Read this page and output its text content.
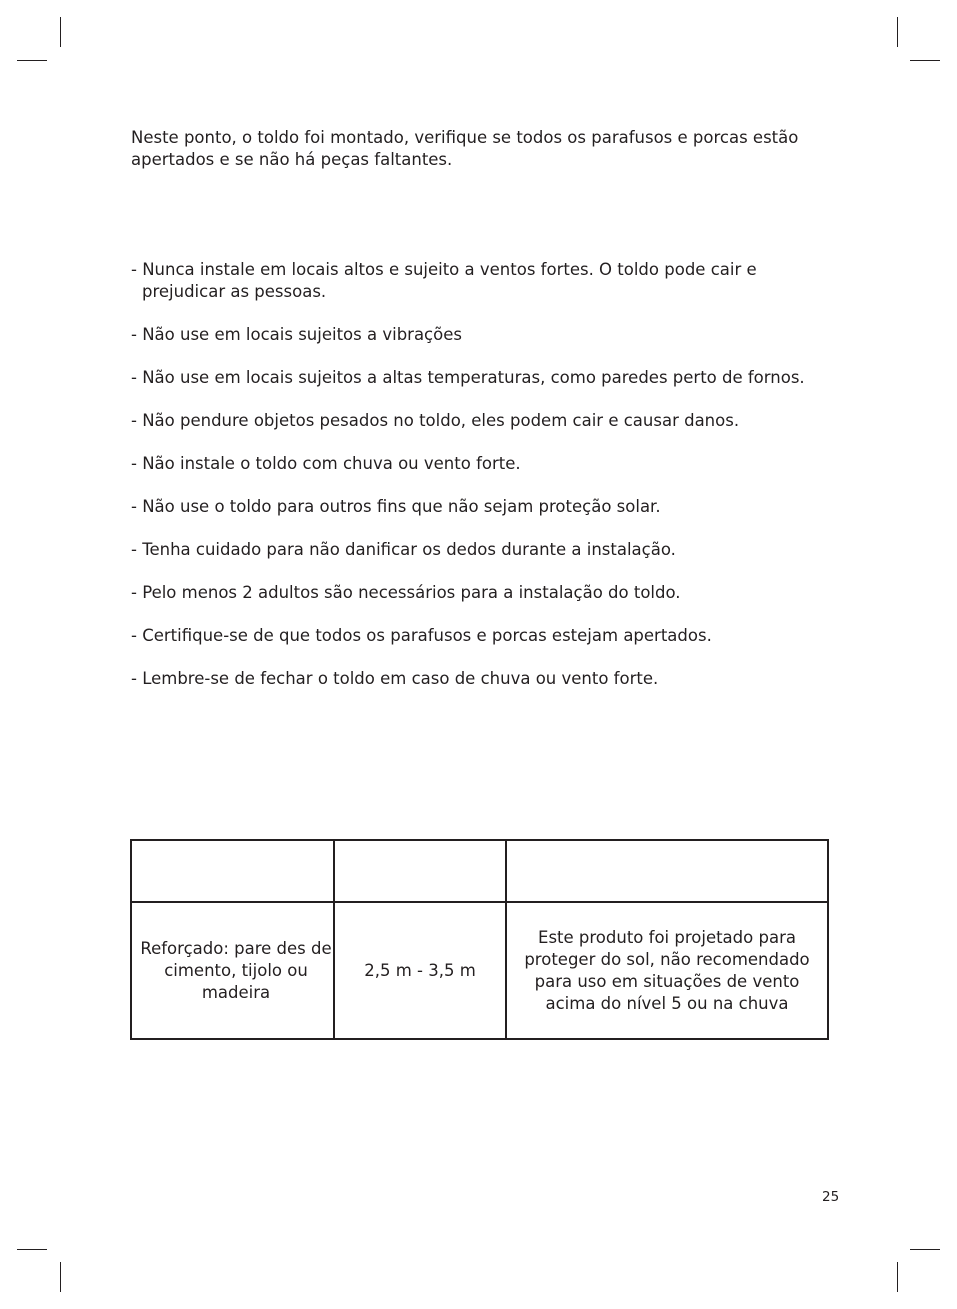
Neste ponto, o toldo foi montado, verifique se todos os parafusos e porcas estão apertados e se não há peças faltantes.

- Nunca instale em locais altos e sujeito a ventos fortes. O toldo pode cair e prejudicar as pessoas.
- Não use em locais sujeitos a vibrações
- Não use em locais sujeitos a altas temperaturas, como paredes perto de fornos.
- Não pendure objetos pesados no toldo, eles podem cair e causar danos.
- Não instale o toldo com chuva ou vento forte.
- Não use o toldo para outros fins que não sejam proteção solar.
- Tenha cuidado para não danificar os dedos durante a instalação.
- Pelo menos 2 adultos são necessários para a instalação do toldo.
- Certifique-se de que todos os parafusos e porcas estejam apertados.
- Lembre-se de fechar o toldo em caso de chuva ou vento forte.

Reforçado: pare des de cimento, tijolo ou madeira	2,5 m - 3,5 m	Este produto foi projetado para proteger do sol, não recomendado para uso em situações de vento acima do nível 5 ou na chuva
25
